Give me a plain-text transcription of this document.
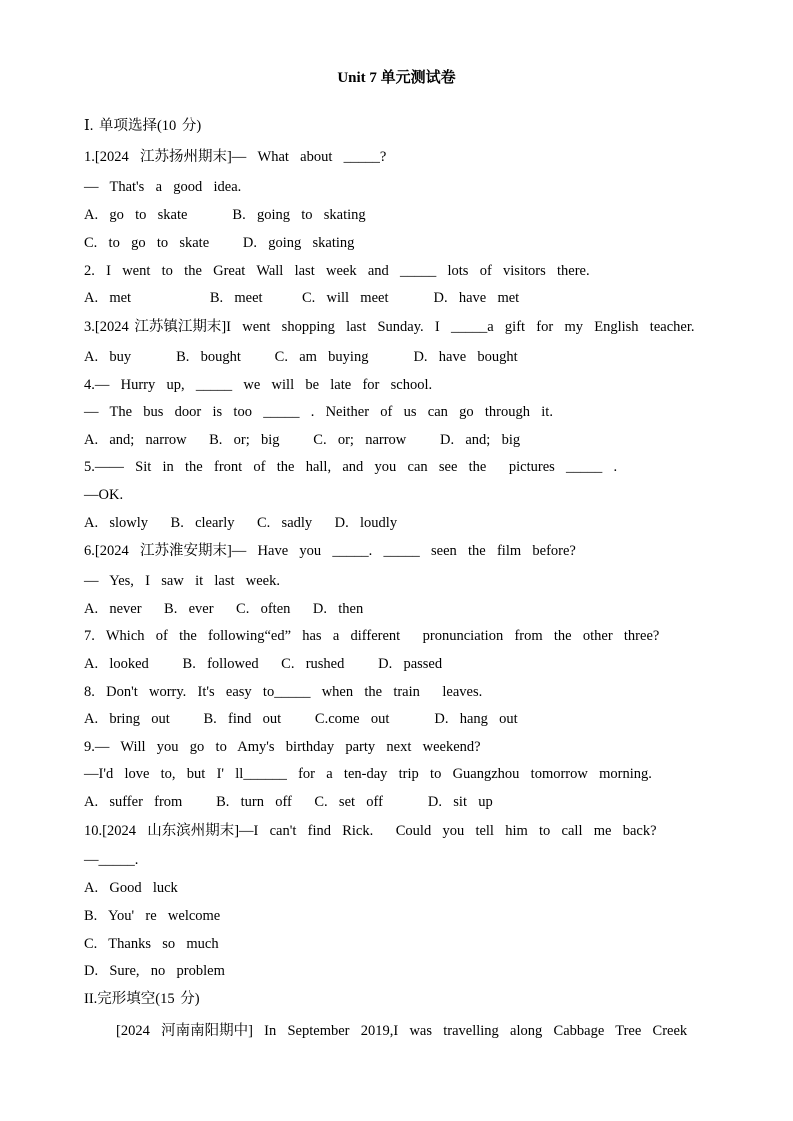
Unit 7 单元测试卷
Ⅰ. 单项选择(10 分)
1.[2024  江苏扬州期末]—  What  about  _____?
—  That's  a  good  idea.
A.  go  to  skate        B.  going  to  skating
C.  to  go  to  skate      D.  going  skating
2.  I  went  to  the  Great  Wall  last  week  and  _____  lots  of  visitors  there.
A.  met              B.  meet       C.  will  meet        D.  have  met
3.[2024 江苏镇江期末]I  went  shopping  last  Sunday.  I  _____a  gift  for  my  English  teacher.
A.  buy        B.  bought      C.  am  buying        D.  have  bought
4.—  Hurry  up,  _____  we  will  be  late  for  school.
—  The  bus  door  is  too  _____  .  Neither  of  us  can  go  through  it.
A.  and;  narrow    B.  or;  big      C.  or;  narrow      D.  and;  big
5.——  Sit  in  the  front  of  the  hall,  and  you  can  see  the    pictures  _____  .
—OK.
A.  slowly    B.  clearly    C.  sadly    D.  loudly
6.[2024  江苏淮安期末]—  Have  you  _____.  _____  seen  the  film  before?
—  Yes,  I  saw  it  last  week.
A.  never    B.  ever    C.  often    D.  then
7.  Which  of  the  following“ed”  has  a  different    pronunciation  from  the  other  three?
A.  looked      B.  followed    C.  rushed      D.  passed
8.  Don't  worry.  It's  easy  to_____  when  the  train    leaves.
A.  bring  out      B.  find  out      C.come  out        D.  hang  out
9.—  Will  you  go  to  Amy's  birthday  party  next  weekend?
—I'd  love  to,  but  I'  ll______  for  a  ten-day  trip  to  Guangzhou  tomorrow  morning.
A.  suffer  from      B.  turn  off    C.  set  off        D.  sit  up
10.[2024  山东滨州期末]—I  can't  find  Rick.    Could  you  tell  him  to  call  me  back?
—_____.
A.  Good  luck
B.  You'  re  welcome
C.  Thanks  so  much
D.  Sure,  no  problem
II.完形填空(15 分)
[2024  河南南阳期中]  In  September  2019,I  was  travelling  along  Cabbage  Tree  Creek
